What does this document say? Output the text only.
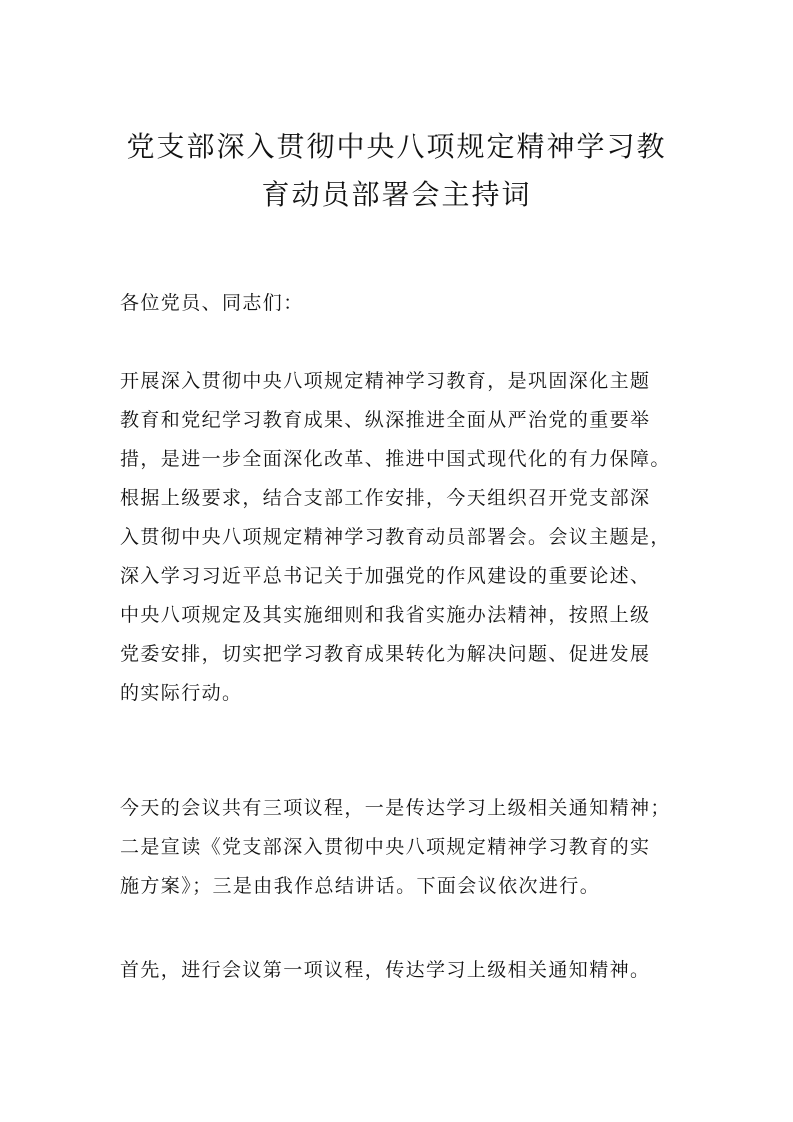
党支部深入贯彻中央八项规定精神学习教
育动员部署会主持词
各位党员、同志们：
开展深入贯彻中央八项规定精神学习教育，是巩固深化主题
教育和党纪学习教育成果、纵深推进全面从严治党的重要举
措，是进一步全面深化改革、推进中国式现代化的有力保障。
根据上级要求，结合支部工作安排，今天组织召开党支部深
入贯彻中央八项规定精神学习教育动员部署会。会议主题是，
深入学习习近平总书记关于加强党的作风建设的重要论述、
中央八项规定及其实施细则和我省实施办法精神，按照上级
党委安排，切实把学习教育成果转化为解决问题、促进发展
的实际行动。
今天的会议共有三项议程，一是传达学习上级相关通知精神；
二是宣读《党支部深入贯彻中央八项规定精神学习教育的实
施方案》；三是由我作总结讲话。下面会议依次进行。
首先，进行会议第一项议程，传达学习上级相关通知精神。
